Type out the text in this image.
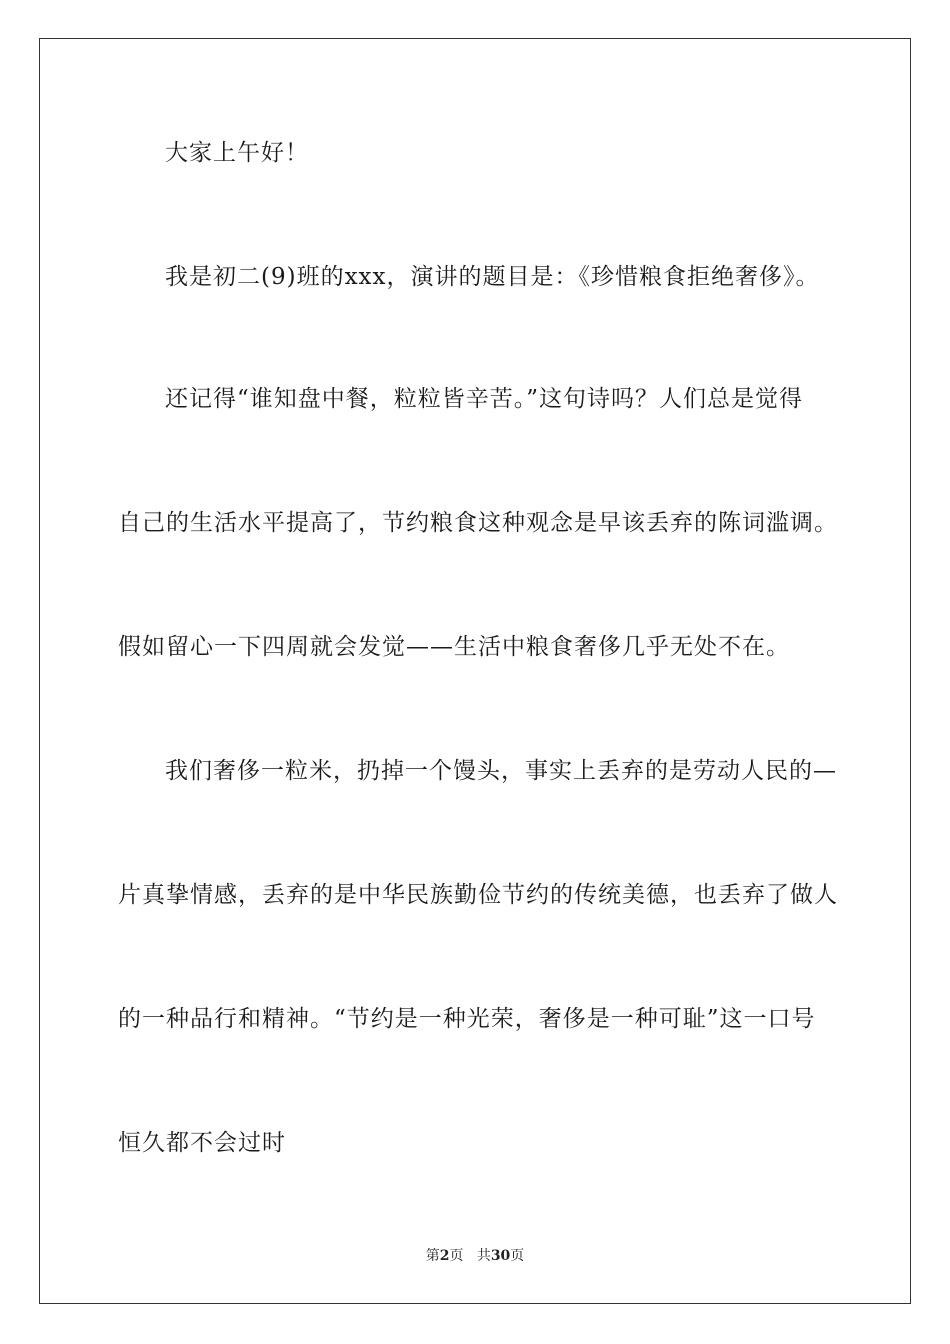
大家上午好！
我是初二(9)班的xxx，演讲的题目是：《珍惜粮食拒绝奢侈》。
还记得“谁知盘中餐，粒粒皆辛苦。”这句诗吗？人们总是觉得
自己的生活水平提高了，节约粮食这种观念是早该丢弃的陈词滥调。
假如留心一下四周就会发觉——生活中粮食奢侈几乎无处不在。
我们奢侈一粒米，扔掉一个馒头，事实上丢弃的是劳动人民的—
片真挚情感，丢弃的是中华民族勤俭节约的传统美德，也丢弃了做人
的一种品行和精神。“节约是一种光荣，奢侈是一种可耻”这一口号
恒久都不会过时
第2页 共30页
